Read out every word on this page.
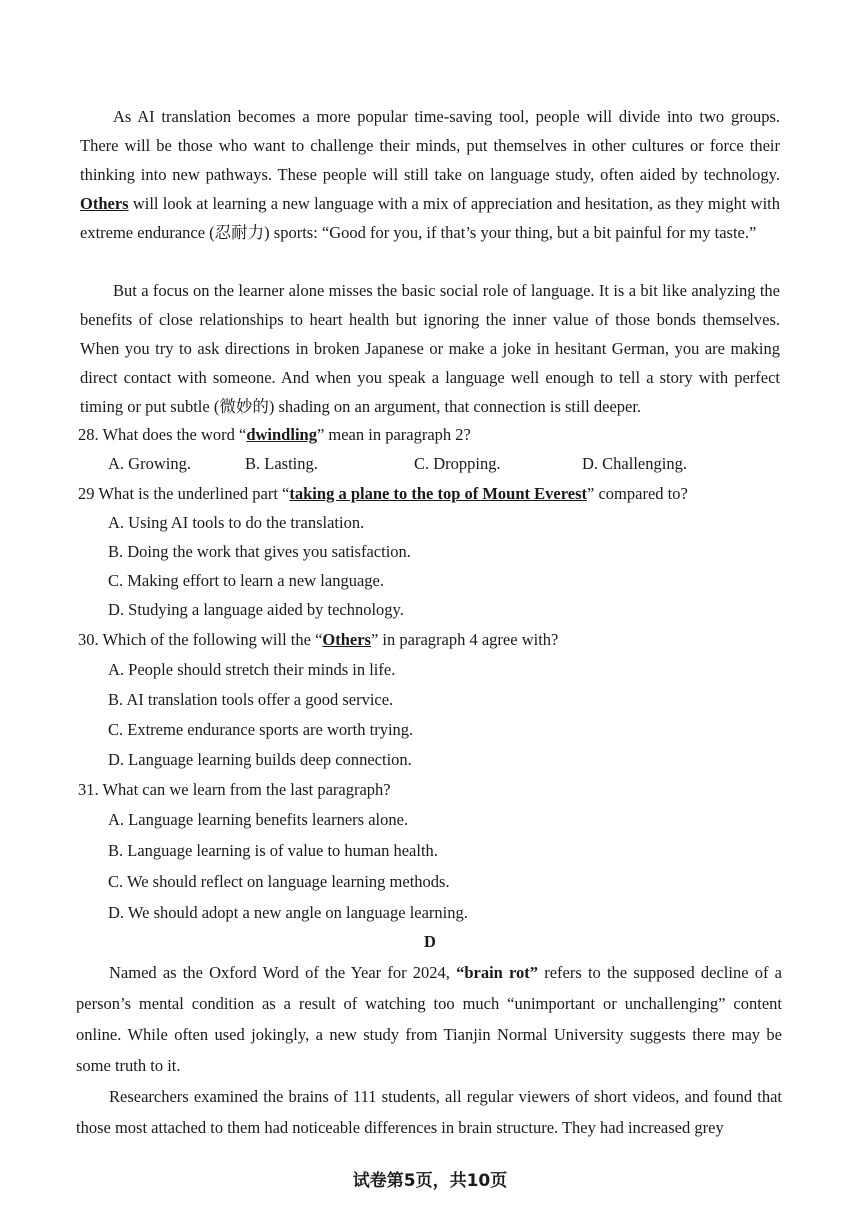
As AI translation becomes a more popular time-saving tool, people will divide into two groups. There will be those who want to challenge their minds, put themselves in other cultures or force their thinking into new pathways. These people will still take on language study, often aided by technology. Others will look at learning a new language with a mix of appreciation and hesitation, as they might with extreme endurance (忍耐力) sports: “Good for you, if that’s your thing, but a bit painful for my taste.”

But a focus on the learner alone misses the basic social role of language. It is a bit like analyzing the benefits of close relationships to heart health but ignoring the inner value of those bonds themselves. When you try to ask directions in broken Japanese or make a joke in hesitant German, you are making direct contact with someone. And when you speak a language well enough to tell a story with perfect timing or put subtle (微妙的) shading on an argument, that connection is still deeper.

28. What does the word “dwindling” mean in paragraph 2?

A. Growing.	B. Lasting.	C. Dropping.	D. Challenging.

29 What is the underlined part “taking a plane to the top of Mount Everest” compared to?

A. Using AI tools to do the translation.

B. Doing the work that gives you satisfaction.

C. Making effort to learn a new language.

D. Studying a language aided by technology.

30. Which of the following will the “Others” in paragraph 4 agree with?

A. People should stretch their minds in life.

B. AI translation tools offer a good service.

C. Extreme endurance sports are worth trying.

D. Language learning builds deep connection.

31. What can we learn from the last paragraph?

A. Language learning benefits learners alone.

B. Language learning is of value to human health.

C. We should reflect on language learning methods.

D. We should adopt a new angle on language learning.

D

Named as the Oxford Word of the Year for 2024, “brain rot” refers to the supposed decline of a person’s mental condition as a result of watching too much “unimportant or unchallenging” content online. While often used jokingly, a new study from Tianjin Normal University suggests there may be some truth to it.

Researchers examined the brains of 111 students, all regular viewers of short videos, and found that those most attached to them had noticeable differences in brain structure. They had increased grey

试卷第5页，共10页
